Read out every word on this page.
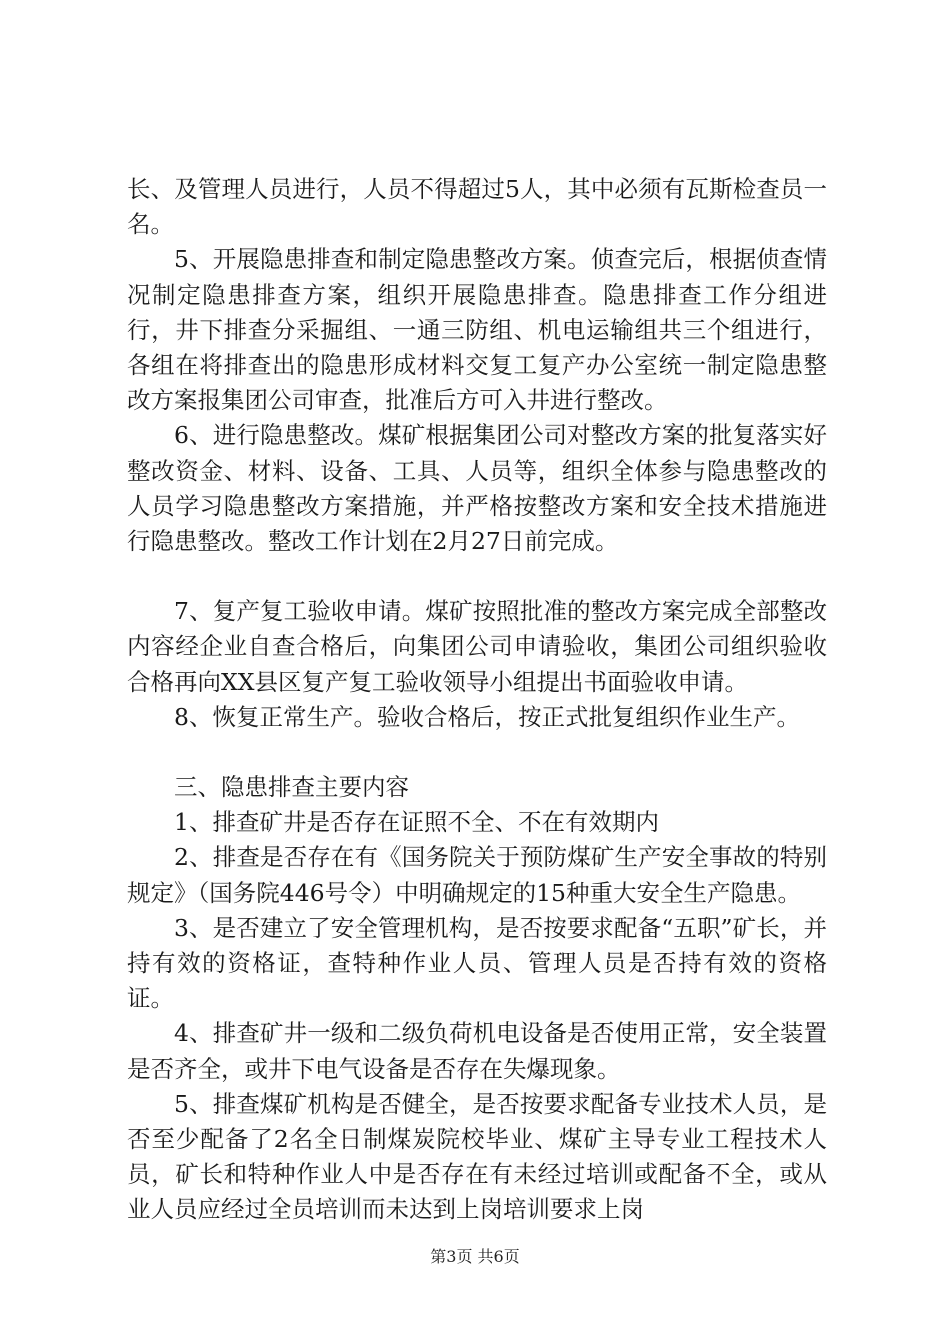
长、及管理人员进行，人员不得超过5人，其中必须有瓦斯检查员一名。

5、开展隐患排查和制定隐患整改方案。侦查完后，根据侦查情况制定隐患排查方案，组织开展隐患排查。隐患排查工作分组进行，井下排查分采掘组、一通三防组、机电运输组共三个组进行，各组在将排查出的隐患形成材料交复工复产办公室统一制定隐患整改方案报集团公司审查，批准后方可入井进行整改。

6、进行隐患整改。煤矿根据集团公司对整改方案的批复落实好整改资金、材料、设备、工具、人员等，组织全体参与隐患整改的人员学习隐患整改方案措施，并严格按整改方案和安全技术措施进行隐患整改。整改工作计划在2月27日前完成。

7、复产复工验收申请。煤矿按照批准的整改方案完成全部整改内容经企业自查合格后，向集团公司申请验收，集团公司组织验收合格再向XX县区复产复工验收领导小组提出书面验收申请。

8、恢复正常生产。验收合格后，按正式批复组织作业生产。

三、隐患排查主要内容

1、排查矿井是否存在证照不全、不在有效期内

2、排查是否存在有《国务院关于预防煤矿生产安全事故的特别规定》（国务院446号令）中明确规定的15种重大安全生产隐患。

3、是否建立了安全管理机构，是否按要求配备“五职”矿长，并持有效的资格证，查特种作业人员、管理人员是否持有效的资格证。

4、排查矿井一级和二级负荷机电设备是否使用正常，安全装置是否齐全，或井下电气设备是否存在失爆现象。

5、排查煤矿机构是否健全，是否按要求配备专业技术人员，是否至少配备了2名全日制煤炭院校毕业、煤矿主导专业工程技术人员，矿长和特种作业人中是否存在有未经过培训或配备不全，或从业人员应经过全员培训而未达到上岗培训要求上岗

第3页 共6页
